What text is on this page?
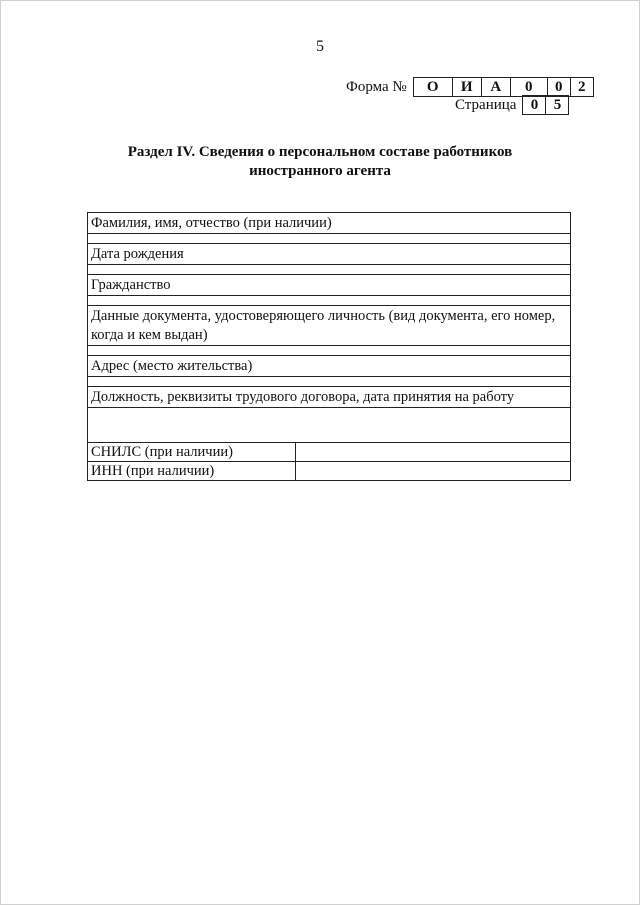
5
Форма №	О	И	А	0	0	2
Страница 0	5
Раздел IV. Сведения о персональном составе работников
иностранного агента
Фамилия, имя, отчество (при наличии)
Дата рождения
Гражданство
Данные документа, удостоверяющего личность (вид документа, его номер, когда и кем выдан)
Адрес (место жительства)
Должность, реквизиты трудового договора, дата принятия на работу
СНИЛС (при наличии)
ИНН (при наличии)
